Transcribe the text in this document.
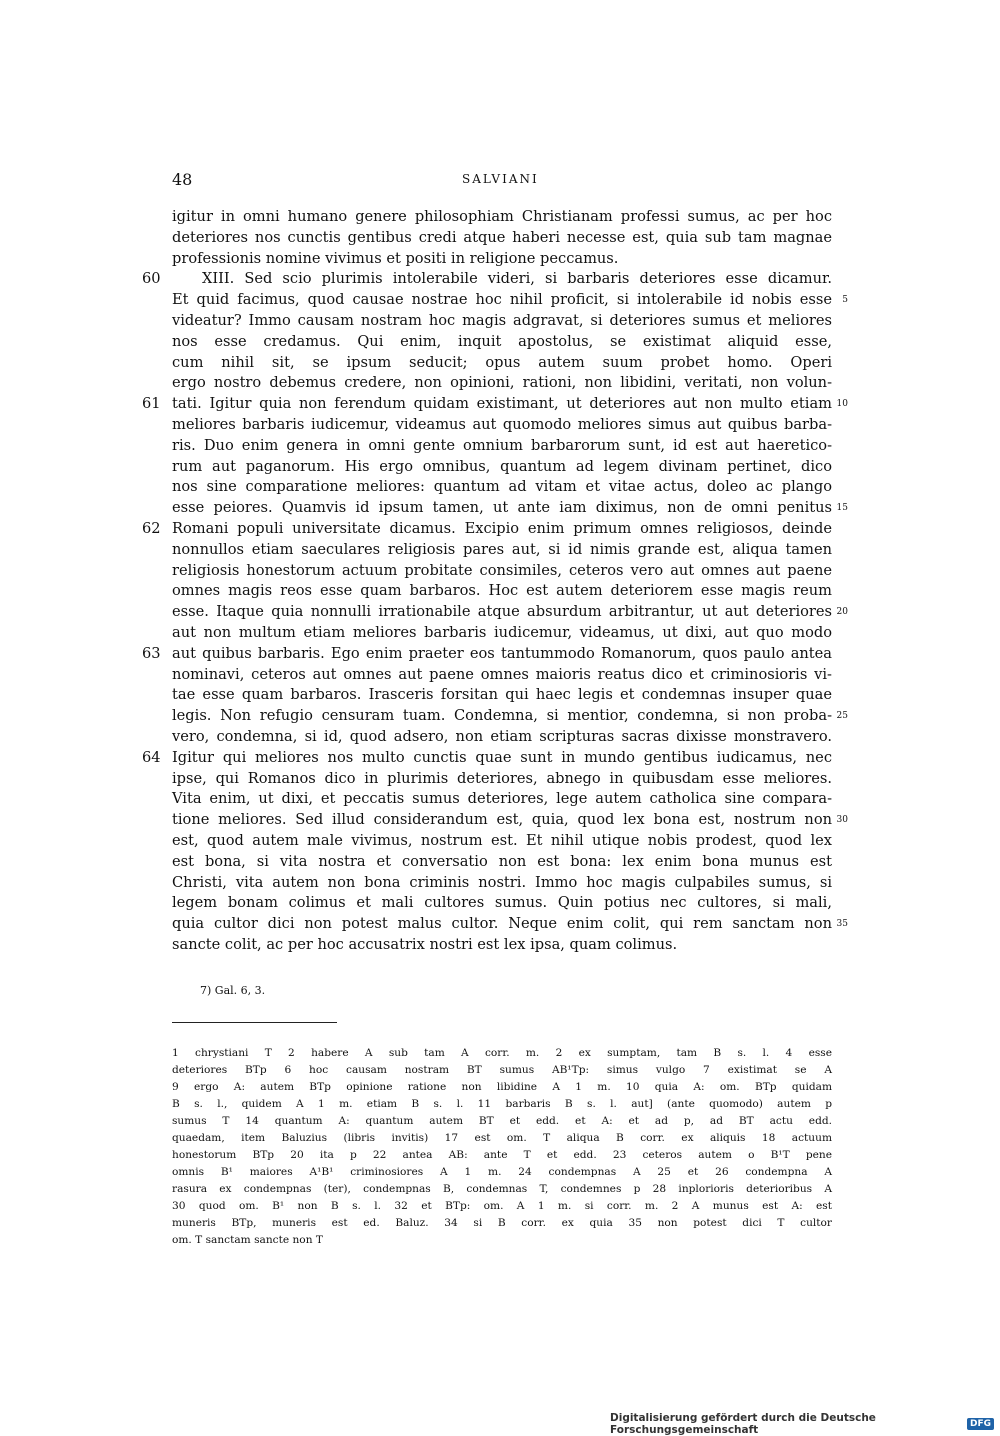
48	SALVIANI
igitur in omni humano genere philosophiam Christianam professi sumus, ac per hoc
deteriores nos cunctis gentibus credi atque haberi necesse est, quia sub tam magnae
professionis nomine vivimus et positi in religione peccamus.
XIII. Sed scio plurimis intolerabile videri, si barbaris deteriores esse dicamur.
60
Et quid facimus, quod causae nostrae hoc nihil proficit, si intolerabile id nobis esse 5
videatur? Immo causam nostram hoc magis adgravat, si deteriores sumus et meliores
nos esse credamus. Qui enim, inquit apostolus, se existimat aliquid esse,
cum nihil sit, se ipsum seducit; opus autem suum probet homo. Operi
ergo nostro debemus credere, non opinioni, rationi, non libidini, veritati, non volun-
tati. Igitur quia non ferendum quidam existimant, ut deteriores aut non multo etiam
61	10
meliores barbaris iudicemur, videamus aut quomodo meliores simus aut quibus barba-
ris. Duo enim genera in omni gente omnium barbarorum sunt, id est aut haeretico-
rum aut paganorum. His ergo omnibus, quantum ad legem divinam pertinet, dico
nos sine comparatione meliores: quantum ad vitam et vitae actus, doleo ac plango
esse peiores. Quamvis id ipsum tamen, ut ante iam diximus, non de omni penitus 15
Romani populi universitate dicamus. Excipio enim primum omnes religiosos, deinde
62
nonnullos etiam saeculares religiosis pares aut, si id nimis grande est, aliqua tamen
religiosis honestorum actuum probitate consimiles, ceteros vero aut omnes aut paene
omnes magis reos esse quam barbaros. Hoc est autem deteriorem esse magis reum
esse. Itaque quia nonnulli irrationabile atque absurdum arbitrantur, ut aut deteriores 20
aut non multum etiam meliores barbaris iudicemur, videamus, ut dixi, aut quo modo
aut quibus barbaris. Ego enim praeter eos tantummodo Romanorum, quos paulo antea
63
nominavi, ceteros aut omnes aut paene omnes maioris reatus dico et criminosioris vi-
tae esse quam barbaros. Irasceris forsitan qui haec legis et condemnas insuper quae
legis. Non refugio censuram tuam. Condemna, si mentior, condemna, si non proba- 25
vero, condemna, si id, quod adsero, non etiam scripturas sacras dixisse monstravero.
Igitur qui meliores nos multo cunctis quae sunt in mundo gentibus iudicamus, nec
64
ipse, qui Romanos dico in plurimis deteriores, abnego in quibusdam esse meliores.
Vita enim, ut dixi, et peccatis sumus deteriores, lege autem catholica sine compara-
tione meliores. Sed illud considerandum est, quia, quod lex bona est, nostrum non 30
est, quod autem male vivimus, nostrum est. Et nihil utique nobis prodest, quod lex
est bona, si vita nostra et conversatio non est bona: lex enim bona munus est
Christi, vita autem non bona criminis nostri. Immo hoc magis culpabiles sumus, si
legem bonam colimus et mali cultores sumus. Quin potius nec cultores, si mali,
quia cultor dici non potest malus cultor. Neque enim colit, qui rem sanctam non 35
sancte colit, ac per hoc accusatrix nostri est lex ipsa, quam colimus.
7) Gal. 6, 3.
1 chrystiani T 2 habere A sub tam A corr. m. 2 ex sumptam, tam B s. l. 4 esse
deteriores BTp 6 hoc causam nostram BT sumus AB¹Tp: simus vulgo 7 existimat se A
9 ergo A: autem BTp opinione ratione non libidine A 1 m. 10 quia A: om. BTp quidam
B s. l., quidem A 1 m. etiam B s. l. 11 barbaris B s. l. aut] (ante quomodo) autem p
sumus T 14 quantum A: quantum autem BT et edd. et A: et ad p, ad BT actu edd.
quaedam, item Baluzius (libris invitis) 17 est om. T aliqua B corr. ex aliquis 18 actuum
honestorum BTp 20 ita p 22 antea AB: ante T et edd. 23 ceteros autem o B¹T pene
omnis B¹ maiores A¹B¹ criminosiores A 1 m. 24 condempnas A 25 et 26 condempna A
rasura ex condempnas (ter), condempnas B, condemnas T, condemnes p 28 inplorioris deterioribus A
30 quod om. B¹ non B s. l. 32 et BTp: om. A 1 m. si corr. m. 2 A munus est A: est
muneris BTp, muneris est ed. Baluz. 34 si B corr. ex quia 35 non potest dici T cultor
om. T sanctam sancte non T
Digitalisierung gefördert durch die Deutsche Forschungsgemeinschaft	DFG
